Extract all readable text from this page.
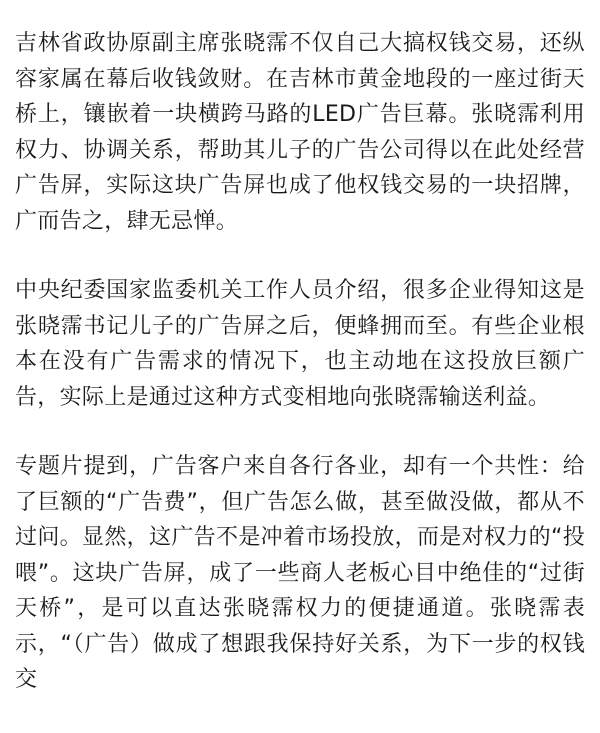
吉林省政协原副主席张晓霈不仅自己大搞权钱交易，还纵容家属在幕后收钱敛财。在吉林市黄金地段的一座过街天桥上，镶嵌着一块横跨马路的LED广告巨幕。张晓霈利用权力、协调关系，帮助其儿子的广告公司得以在此处经营广告屏，实际这块广告屏也成了他权钱交易的一块招牌，广而告之，肆无忌惮。

中央纪委国家监委机关工作人员介绍，很多企业得知这是张晓霈书记儿子的广告屏之后，便蜂拥而至。有些企业根本在没有广告需求的情况下，也主动地在这投放巨额广告，实际上是通过这种方式变相地向张晓霈输送利益。

专题片提到，广告客户来自各行各业，却有一个共性：给了巨额的“广告费”，但广告怎么做，甚至做没做，都从不过问。显然，这广告不是冲着市场投放，而是对权力的“投喂”。这块广告屏，成了一些商人老板心目中绝佳的“过街天桥”，是可以直达张晓霈权力的便捷通道。张晓霈表示，“（广告）做成了想跟我保持好关系，为下一步的权钱交
